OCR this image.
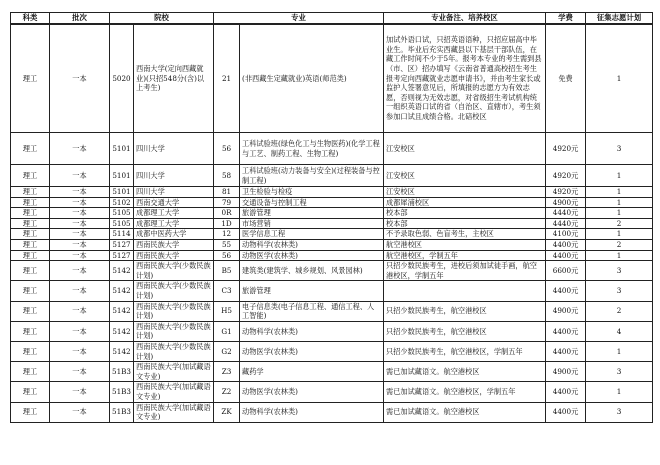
科类	批次	院校		专业		专业备注、培养校区	学费	征集志愿计划
理工	一本	5020	西南大学(定向西藏就业)(只招548分(含)以上考生)	21	(非西藏生定藏就业)英语(师范类)	加试外语口试，只招英语语种，只招应届高中毕业生。毕业后充实西藏县以下基层干部队伍，在藏工作时间不少于5年。报考本专业的考生需到县（市、区）招办填写《云南省普通高校招生考生报考定向西藏就业志愿申请书》，并由考生家长或监护人签署意见后，所填报的志愿方为有效志愿，否则视为无效志愿，对省级招生考试机构统一组织英语口试的省（自治区、直辖市），考生须参加口试且成绩合格。北碚校区	免费	1
理工	一本	5101	四川大学	56	工科试验班(绿色化工与生物医药)(化学工程与工艺、制药工程、生物工程)	江安校区	4920元	3
理工	一本	5101	四川大学	58	工科试验班(动力装备与安全)(过程装备与控制工程)	江安校区	4920元	1
理工	一本	5101	四川大学	81	卫生检验与检疫	江安校区	4920元	1
理工	一本	5102	西南交通大学	79	交通设备与控制工程	成都犀浦校区	4900元	1
理工	一本	5105	成都理工大学	0R	旅游管理	校本部	4440元	1
理工	一本	5105	成都理工大学	1D	市场营销	校本部	4440元	2
理工	一本	5114	成都中医药大学	12	医学信息工程	不予录取色弱、色盲考生，主校区	4100元	1
理工	一本	5127	西南民族大学	55	动物科学(农林类)	航空港校区	4400元	2
理工	一本	5127	西南民族大学	56	动物医学(农林类)	航空港校区，学制五年	4400元	1
理工	一本	5142	西南民族大学(少数民族计划)	B5	建筑类(建筑学、城乡规划、风景园林)	只招少数民族考生，进校后须加试徒手画，航空港校区，学制五年	6600元	3
理工	一本	5142	西南民族大学(少数民族计划)	C3	旅游管理		4400元	3
理工	一本	5142	西南民族大学(少数民族计划)	H5	电子信息类(电子信息工程、通信工程、人工智能)	只招少数民族考生，航空港校区	4900元	2
理工	一本	5142	西南民族大学(少数民族计划)	G1	动物科学(农林类)	只招少数民族考生，航空港校区	4400元	4
理工	一本	5142	西南民族大学(少数民族计划)	G2	动物医学(农林类)	只招少数民族考生，航空港校区，学制五年	4400元	1
理工	一本	51B3	西南民族大学(加试藏语文专业)	Z3	藏药学	需已加试藏语文。航空港校区	4900元	3
理工	一本	51B3	西南民族大学(加试藏语文专业)	Z2	动物医学(农林类)	需已加试藏语文。航空港校区，学制五年	4400元	1
理工	一本	51B3	西南民族大学(加试藏语文专业)	ZK	动物科学(农林类)	需已加试藏语文。航空港校区	4400元	3
